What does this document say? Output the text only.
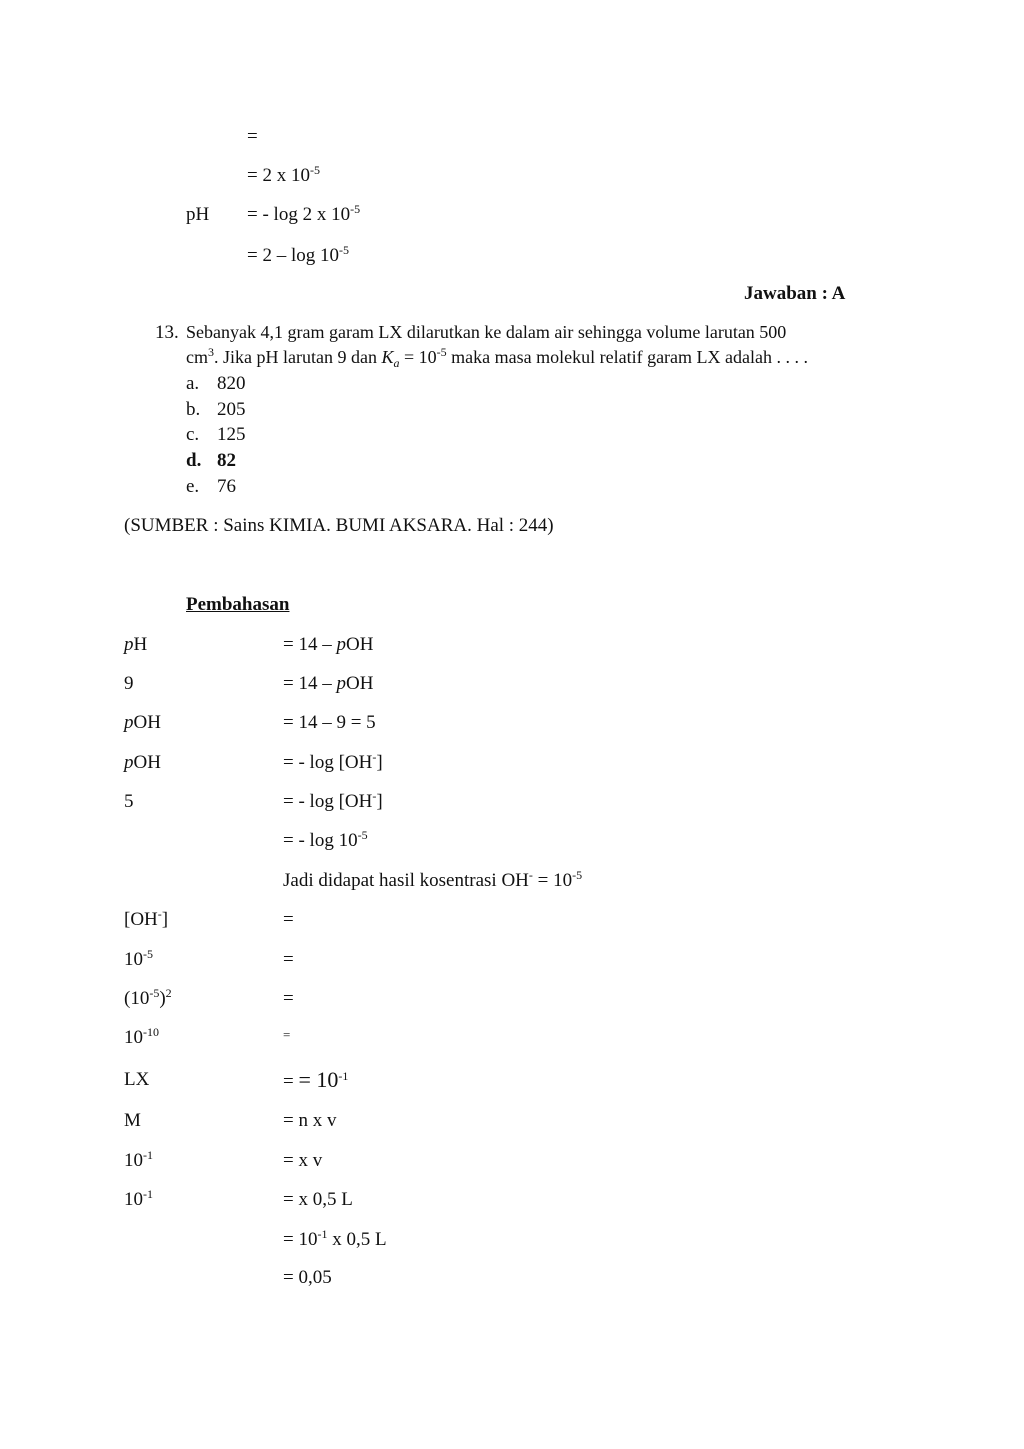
=
= 2 x $10^{-5}$
pH = - log 2 x $10^{-5}$
= $2 - \log 10^{-5}$
Jawaban : A
13. Sebanyak 4,1 gram garam LX dilarutkan ke dalam air sehingga volume larutan 500
$cm^3$. Jika pH larutan 9 dan $K_a = 10^{-5}$ maka masa molekul relatif garam LX adalah . . . .
a. 820
b. 205
c. 125
d. 82
e. 76
(SUMBER : Sains KIMIA. BUMI AKSARA. Hal : 244)
Pembahasan
pH	= 14 – pOH
9	= 14 – pOH
pOH	= 14 – 9 = 5
pOH	= - log [OH-]
5	= - log [OH-]
= - $\log 10^{-5}$
Jadi didapat hasil kosentrasi $OH^- = 10^{-5}$
[OH-]	=
$10^{-5}$	=
$(10^{-5})^2$	=
$10^{-10}$	=
LX	= = $10^{-1}$
M	= n x v
$10^{-1}$	= x v
$10^{-1}$	= x 0,5 L
= $10^{-1}$ x 0,5 L
= 0,05
